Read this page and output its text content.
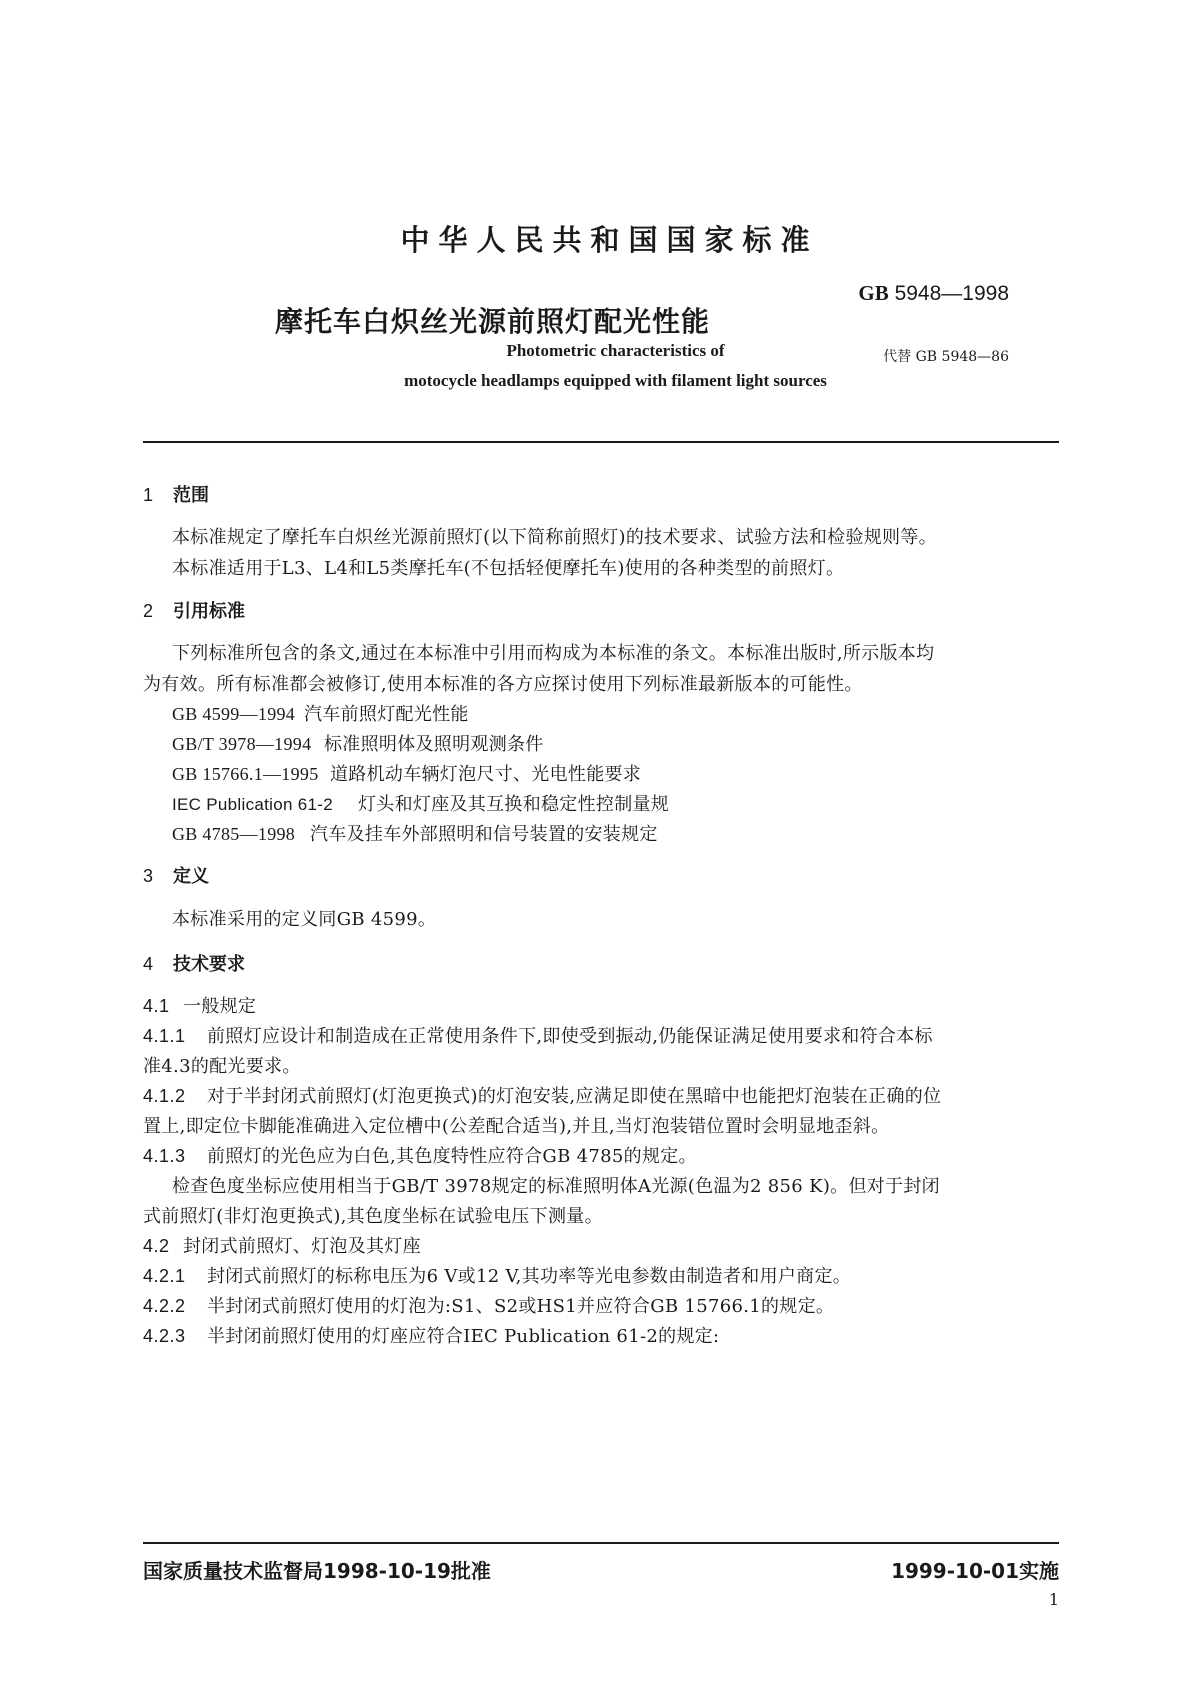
中华人民共和国国家标准
摩托车白炽丝光源前照灯配光性能
GB 5948—1998
代替 GB 5948—86
Photometric characteristics of
motocycle headlamps equipped with filament light sources
1 范围
本标准规定了摩托车白炽丝光源前照灯(以下简称前照灯)的技术要求、试验方法和检验规则等。
本标准适用于L3、L4和L5类摩托车(不包括轻便摩托车)使用的各种类型的前照灯。
2 引用标准
下列标准所包含的条文,通过在本标准中引用而构成为本标准的条文。本标准出版时,所示版本均
为有效。所有标准都会被修订,使用本标准的各方应探讨使用下列标准最新版本的可能性。
GB 4599—1994 汽车前照灯配光性能
GB/T 3978—1994 标准照明体及照明观测条件
GB 15766.1—1995 道路机动车辆灯泡尺寸、光电性能要求
IEC Publication 61-2 灯头和灯座及其互换和稳定性控制量规
GB 4785—1998 汽车及挂车外部照明和信号装置的安装规定
3 定义
本标准采用的定义同GB 4599。
4 技术要求
4.1 一般规定
4.1.1 前照灯应设计和制造成在正常使用条件下,即使受到振动,仍能保证满足使用要求和符合本标
准4.3的配光要求。
4.1.2 对于半封闭式前照灯(灯泡更换式)的灯泡安装,应满足即使在黑暗中也能把灯泡装在正确的位
置上,即定位卡脚能准确进入定位槽中(公差配合适当),并且,当灯泡装错位置时会明显地歪斜。
4.1.3 前照灯的光色应为白色,其色度特性应符合GB 4785的规定。
检查色度坐标应使用相当于GB/T 3978规定的标准照明体A光源(色温为2 856 K)。但对于封闭
式前照灯(非灯泡更换式),其色度坐标在试验电压下测量。
4.2 封闭式前照灯、灯泡及其灯座
4.2.1 封闭式前照灯的标称电压为6 V或12 V,其功率等光电参数由制造者和用户商定。
4.2.2 半封闭式前照灯使用的灯泡为:S1、S2或HS1并应符合GB 15766.1的规定。
4.2.3 半封闭前照灯使用的灯座应符合IEC Publication 61-2的规定:
国家质量技术监督局1998-10-19批准	1999-10-01实施
1
